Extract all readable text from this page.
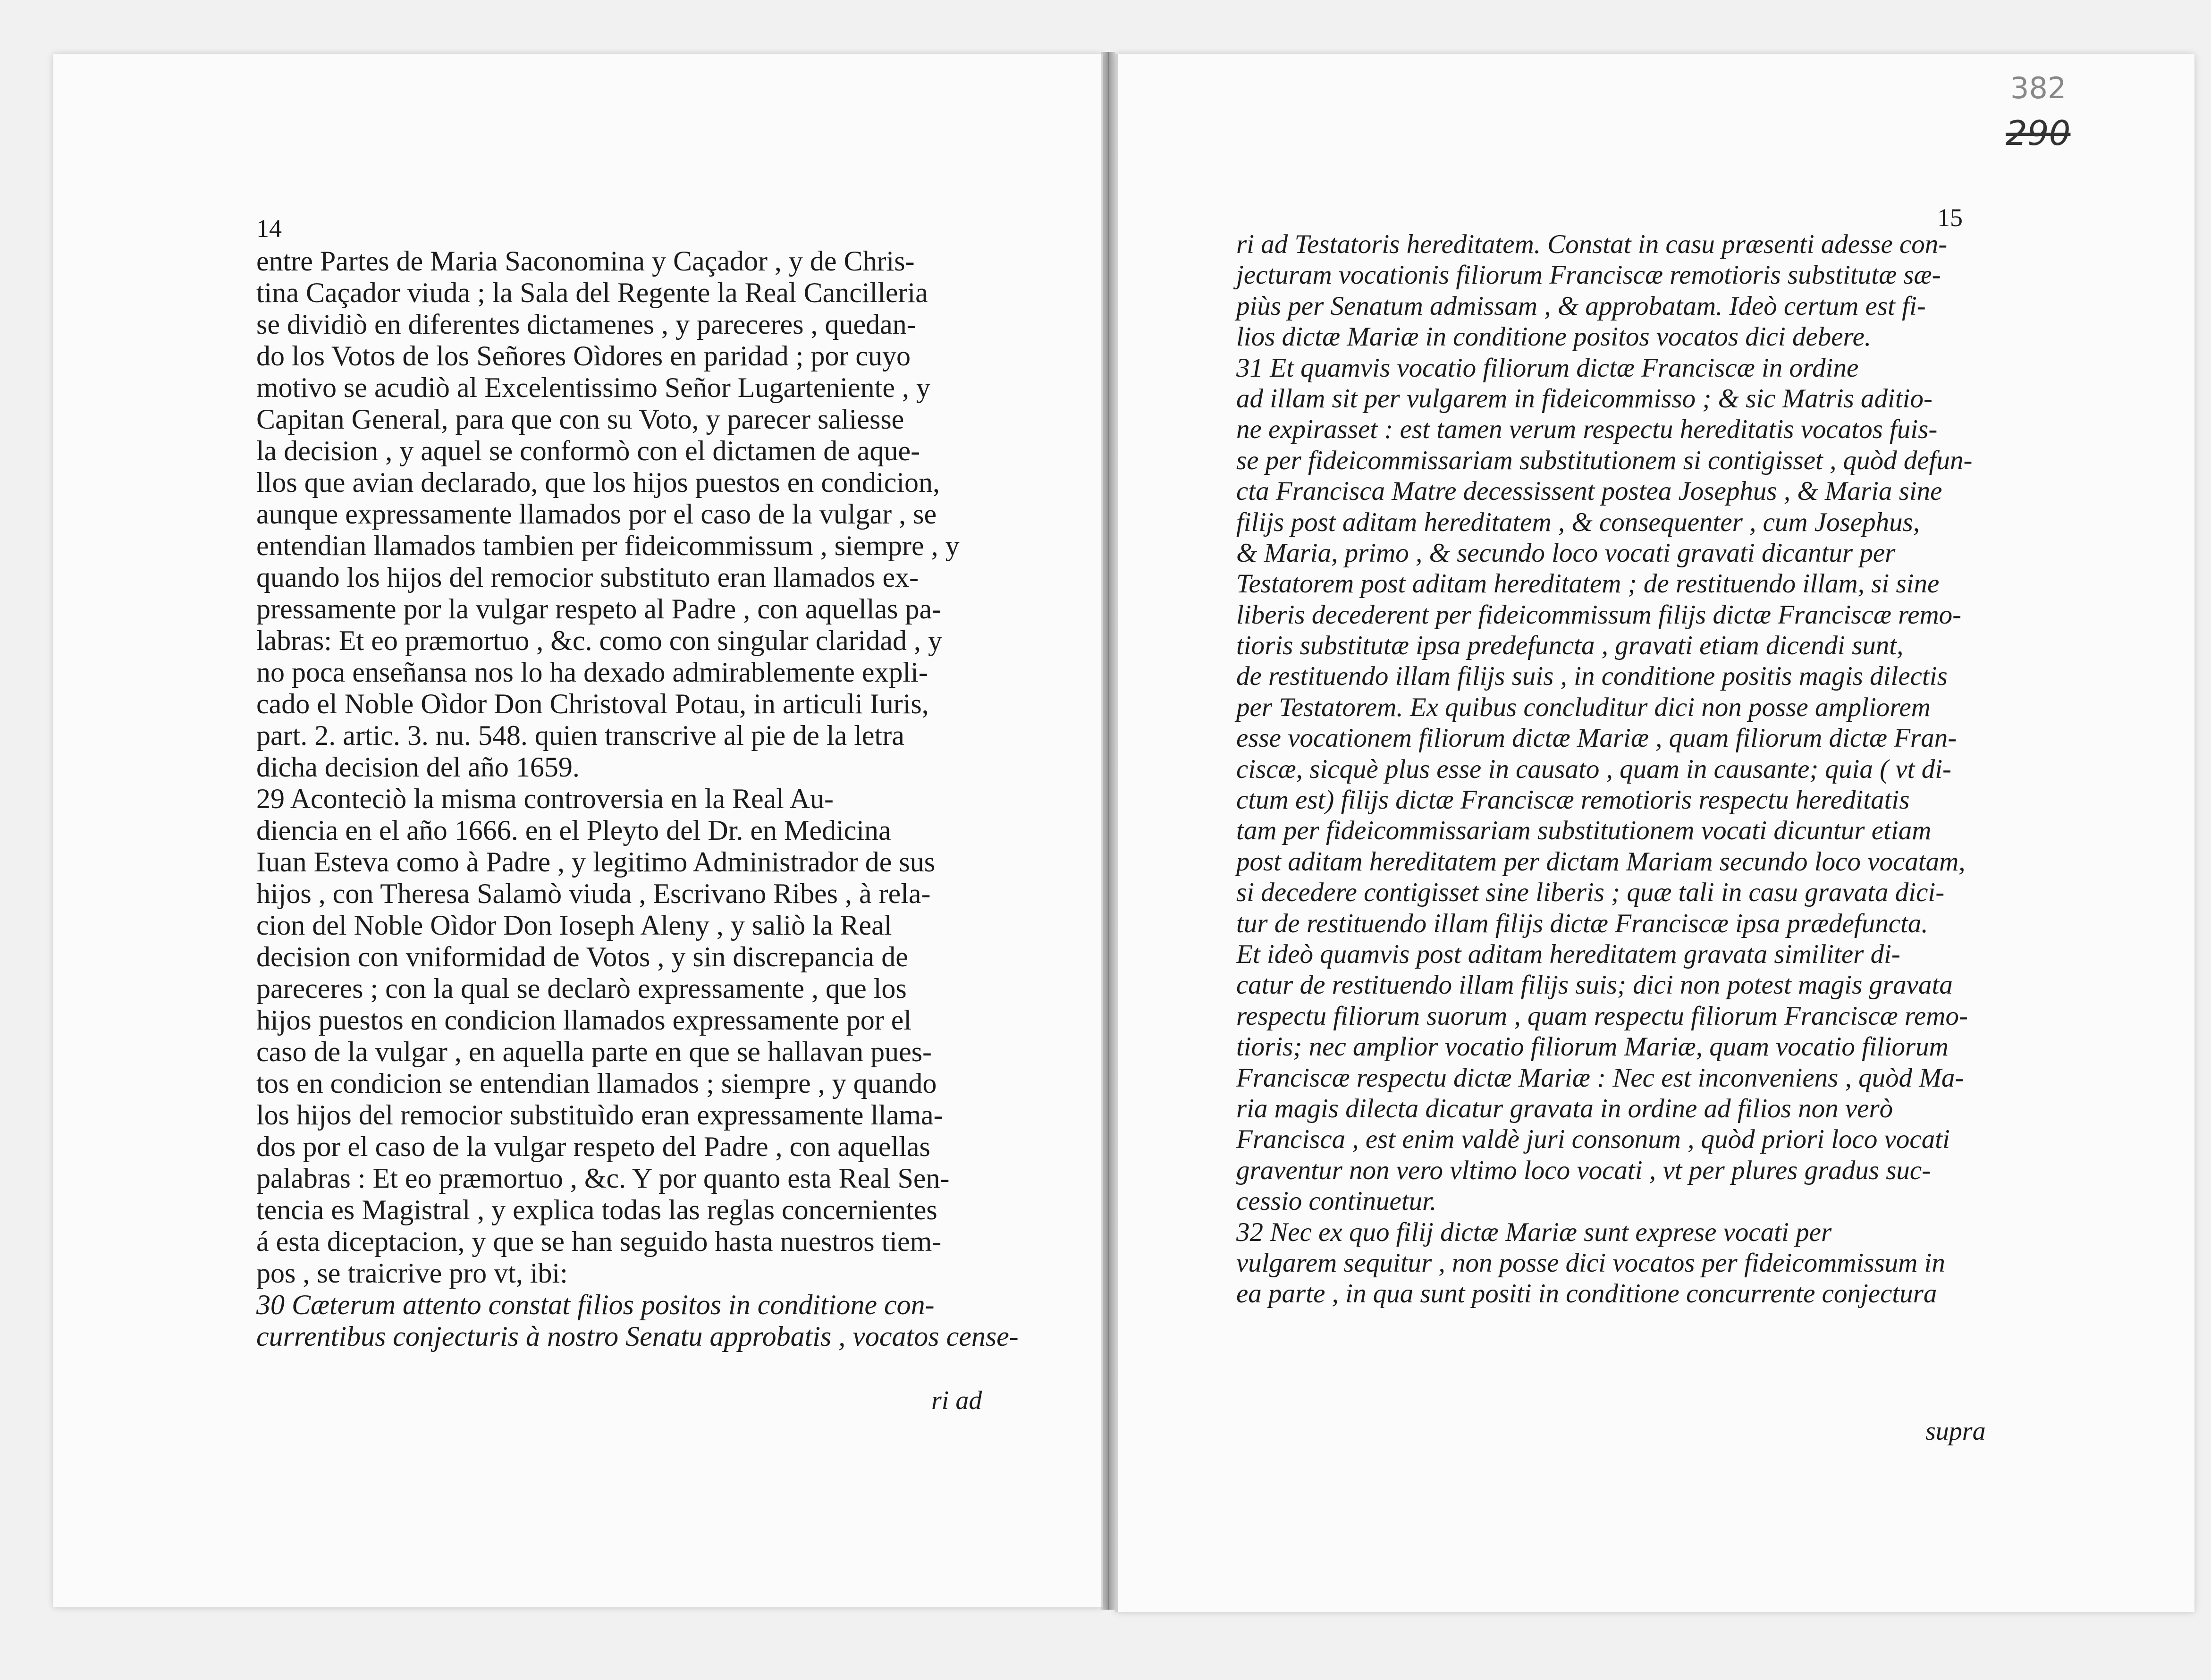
14
entre Partes de Maria Saconomina y Caçador , y de Chris-
tina Caçador viuda ; la Sala del Regente la Real Cancilleria
se dividiò en diferentes dictamenes , y pareceres , quedan-
do los Votos de los Señores Oìdores en paridad ; por cuyo
motivo se acudiò al Excelentissimo Señor Lugarteniente , y
Capitan General, para que con su Voto, y parecer saliesse
la decision , y aquel se conformò con el dictamen de aque-
llos que avian declarado, que los hijos puestos en condicion,
aunque expressamente llamados por el caso de la vulgar , se
entendian llamados tambien per fideicommissum , siempre , y
quando los hijos del remocior substituto eran llamados ex-
pressamente por la vulgar respeto al Padre , con aquellas pa-
labras: Et eo præmortuo , &c. como con singular claridad , y
no poca enseñansa nos lo ha dexado admirablemente expli-
cado el Noble Oìdor Don Christoval Potau, in articuli Iuris,
part. 2. artic. 3. nu. 548. quien transcrive al pie de la letra
dicha decision del año 1659.
29 Aconteciò la misma controversia en la Real Au-
diencia en el año 1666. en el Pleyto del Dr. en Medicina
Iuan Esteva como à Padre , y legitimo Administrador de sus
hijos , con Theresa Salamò viuda , Escrivano Ribes , à rela-
cion del Noble Oìdor Don Ioseph Aleny , y saliò la Real
decision con vniformidad de Votos , y sin discrepancia de
pareceres ; con la qual se declarò expressamente , que los
hijos puestos en condicion llamados expressamente por el
caso de la vulgar , en aquella parte en que se hallavan pues-
tos en condicion se entendian llamados ; siempre , y quando
los hijos del remocior substituìdo eran expressamente llama-
dos por el caso de la vulgar respeto del Padre , con aquellas
palabras : Et eo præmortuo , &c. Y por quanto esta Real Sen-
tencia es Magistral , y explica todas las reglas concernientes
á esta diceptacion, y que se han seguido hasta nuestros tiem-
pos , se traicrive pro vt, ibi:
30 Cæterum attento constat filios positos in conditione con-
currentibus conjecturis à nostro Senatu approbatis , vocatos cense-
ri ad
382
290
15
ri ad Testatoris hereditatem. Constat in casu præsenti adesse con-
jecturam vocationis filiorum Franciscæ remotioris substitutæ sæ-
piùs per Senatum admissam , & approbatam. Ideò certum est fi-
lios dictæ Mariæ in conditione positos vocatos dici debere.
31 Et quamvis vocatio filiorum dictæ Franciscæ in ordine
ad illam sit per vulgarem in fideicommisso ; & sic Matris aditio-
ne expirasset : est tamen verum respectu hereditatis vocatos fuis-
se per fideicommissariam substitutionem si contigisset , quòd defun-
cta Francisca Matre decessissent postea Josephus , & Maria sine
filijs post aditam hereditatem , & consequenter , cum Josephus,
& Maria, primo , & secundo loco vocati gravati dicantur per
Testatorem post aditam hereditatem ; de restituendo illam, si sine
liberis decederent per fideicommissum filijs dictæ Franciscæ remo-
tioris substitutæ ipsa predefuncta , gravati etiam dicendi sunt,
de restituendo illam filijs suis , in conditione positis magis dilectis
per Testatorem. Ex quibus concluditur dici non posse ampliorem
esse vocationem filiorum dictæ Mariæ , quam filiorum dictæ Fran-
ciscæ, sicquè plus esse in causato , quam in causante; quia ( vt di-
ctum est) filijs dictæ Franciscæ remotioris respectu hereditatis
tam per fideicommissariam substitutionem vocati dicuntur etiam
post aditam hereditatem per dictam Mariam secundo loco vocatam,
si decedere contigisset sine liberis ; quæ tali in casu gravata dici-
tur de restituendo illam filijs dictæ Franciscæ ipsa prædefuncta.
Et ideò quamvis post aditam hereditatem gravata similiter di-
catur de restituendo illam filijs suis; dici non potest magis gravata
respectu filiorum suorum , quam respectu filiorum Franciscæ remo-
tioris; nec amplior vocatio filiorum Mariæ, quam vocatio filiorum
Franciscæ respectu dictæ Mariæ : Nec est inconveniens , quòd Ma-
ria magis dilecta dicatur gravata in ordine ad filios non verò
Francisca , est enim valdè juri consonum , quòd priori loco vocati
graventur non vero vltimo loco vocati , vt per plures gradus suc-
cessio continuetur.
32 Nec ex quo filij dictæ Mariæ sunt exprese vocati per
vulgarem sequitur , non posse dici vocatos per fideicommissum in
ea parte , in qua sunt positi in conditione concurrente conjectura
supra
